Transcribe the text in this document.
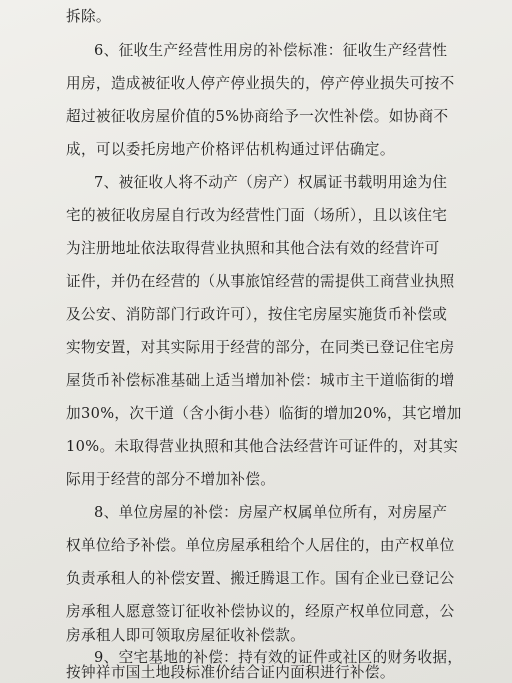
拆除。
6、征收生产经营性用房的补偿标准：征收生产经营性
用房，造成被征收人停产停业损失的，停产停业损失可按不
超过被征收房屋价值的5%协商给予一次性补偿。如协商不
成，可以委托房地产价格评估机构通过评估确定。
7、被征收人将不动产（房产）权属证书载明用途为住
宅的被征收房屋自行改为经营性门面（场所），且以该住宅
为注册地址依法取得营业执照和其他合法有效的经营许可
证件，并仍在经营的（从事旅馆经营的需提供工商营业执照
及公安、消防部门行政许可），按住宅房屋实施货币补偿或
实物安置，对其实际用于经营的部分，在同类已登记住宅房
屋货币补偿标准基础上适当增加补偿：城市主干道临街的增
加30%，次干道（含小街小巷）临街的增加20%，其它增加
10%。未取得营业执照和其他合法经营许可证件的，对其实
际用于经营的部分不增加补偿。
8、单位房屋的补偿：房屋产权属单位所有，对房屋产
权单位给予补偿。单位房屋承租给个人居住的，由产权单位
负责承租人的补偿安置、搬迁腾退工作。国有企业已登记公
房承租人愿意签订征收补偿协议的，经原产权单位同意，公
房承租人即可领取房屋征收补偿款。
9、空宅基地的补偿：持有效的证件或社区的财务收据，
按钟祥市国土地段标准价结合证内面积进行补偿。
